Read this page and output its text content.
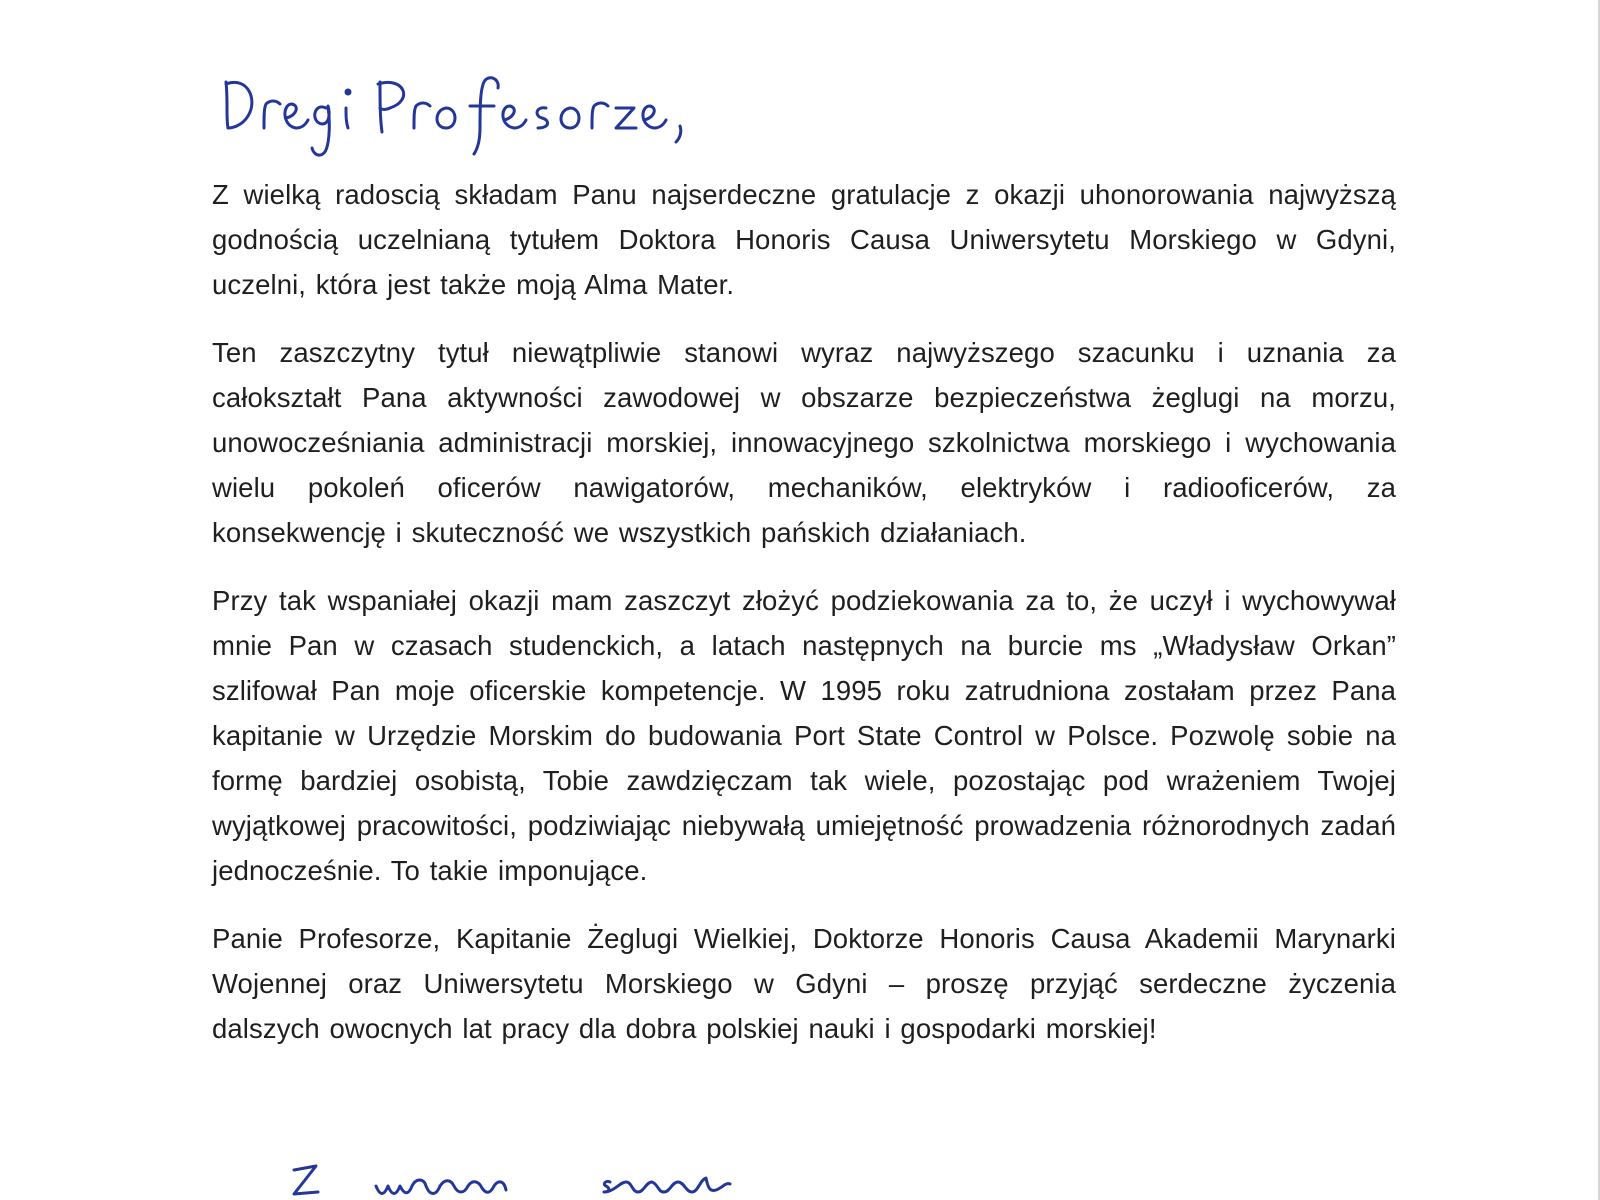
Z wielką radoscią składam Panu najserdeczne gratulacje z okazji uhonorowania najwyższą godnością uczelnianą tytułem Doktora Honoris Causa Uniwersytetu Morskiego w Gdyni, uczelni, która jest także moją Alma Mater.

Ten zaszczytny tytuł niewątpliwie stanowi wyraz najwyższego szacunku i uznania za całokształt Pana aktywności zawodowej w obszarze bezpieczeństwa żeglugi na morzu, unowocześniania administracji morskiej, innowacyjnego szkolnictwa morskiego i wychowania wielu pokoleń oficerów nawigatorów, mechaników, elektryków i radiooficerów, za konsekwencję i skuteczność we wszystkich pańskich działaniach.

Przy tak wspaniałej okazji mam zaszczyt złożyć podziekowania za to, że uczył i wychowywał mnie Pan w czasach studenckich, a latach następnych na burcie ms „Władysław Orkan” szlifował Pan moje oficerskie kompetencje. W 1995 roku zatrudniona zostałam przez Pana kapitanie w Urzędzie Morskim do budowania Port State Control w Polsce. Pozwolę sobie na formę bardziej osobistą, Tobie zawdzięczam tak wiele, pozostając pod wrażeniem Twojej wyjątkowej pracowitości, podziwiając niebywałą umiejętność prowadzenia różnorodnych zadań jednocześnie. To takie imponujące.

Panie Profesorze, Kapitanie Żeglugi Wielkiej, Doktorze Honoris Causa Akademii Marynarki Wojennej oraz Uniwersytetu Morskiego w Gdyni – proszę przyjąć serdeczne życzenia dalszych owocnych lat pracy dla dobra polskiej nauki i gospodarki morskiej!
